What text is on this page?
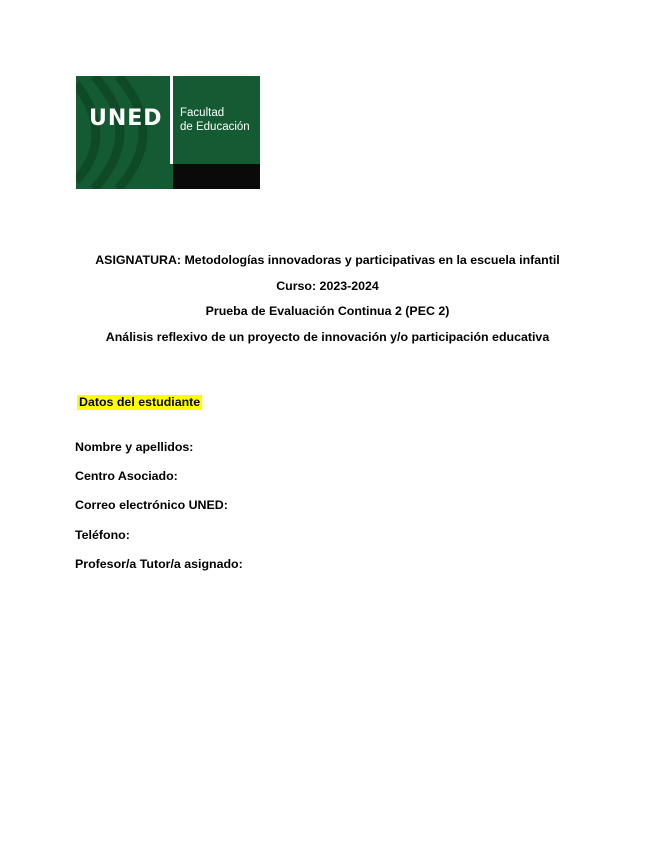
UNED Facultad
de Educación
ASIGNATURA: Metodologías innovadoras y participativas en la escuela infantil
Curso: 2023-2024
Prueba de Evaluación Continua 2 (PEC 2)
Análisis reflexivo de un proyecto de innovación y/o participación educativa
Datos del estudiante
Nombre y apellidos:
Centro Asociado:
Correo electrónico UNED:
Teléfono:
Profesor/a Tutor/a asignado:
